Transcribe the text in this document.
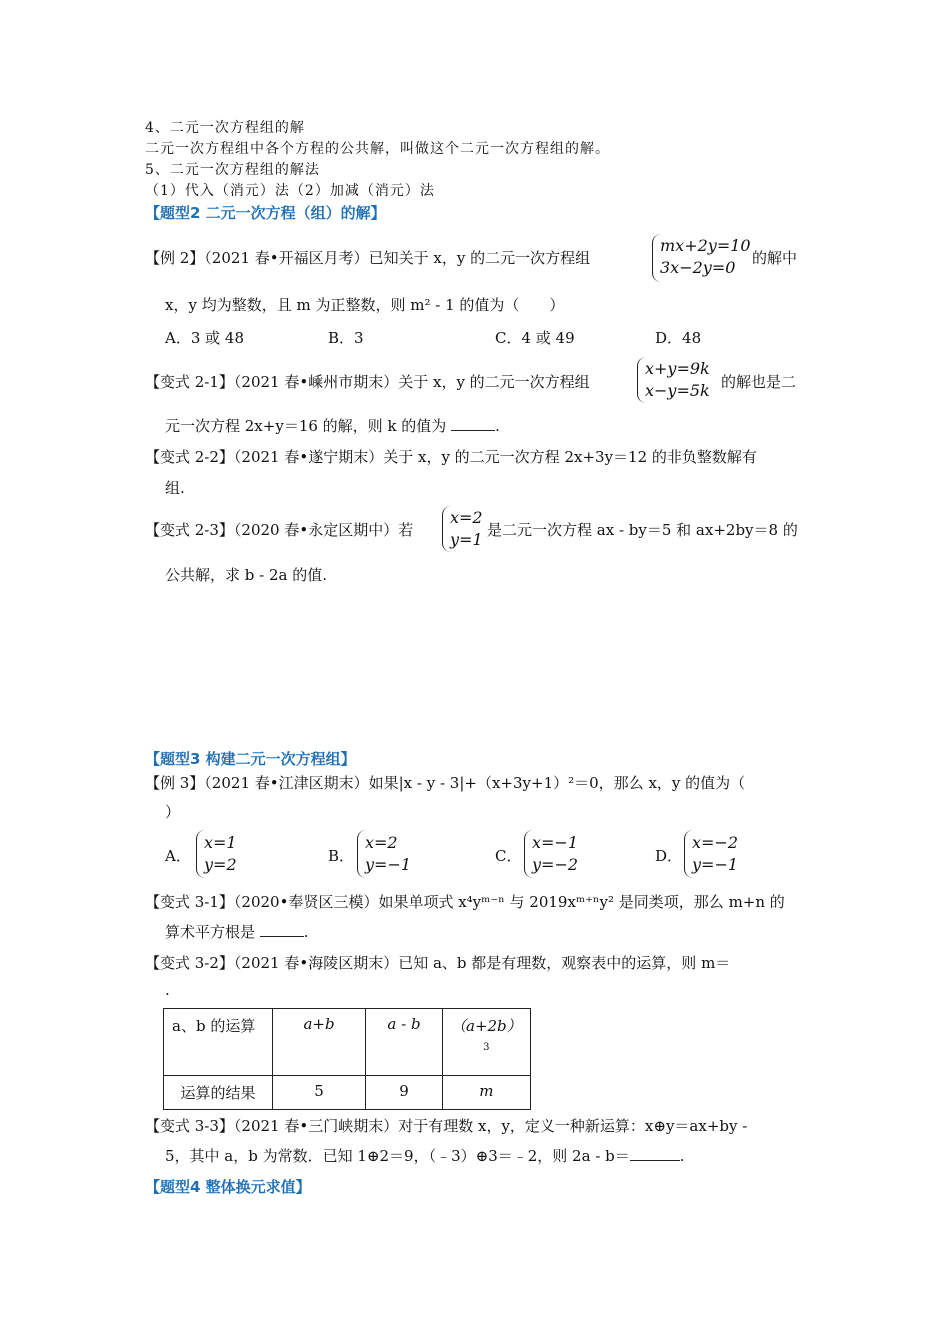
4、二元一次方程组的解
二元一次方程组中各个方程的公共解，叫做这个二元一次方程组的解。
5、二元一次方程组的解法
（1）代入（消元）法（2）加减（消元）法
【题型2 二元一次方程（组）的解】
【例 2】（2021 春•开福区月考）已知关于 x，y 的二元一次方程组
mx+2y=10
3x−2y=0	的解中
x，y 均为整数，且 m 为正整数，则 m² - 1 的值为（　　）
A．3 或 48	B．3	C．4 或 49	D．48
【变式 2-1】（2021 春•嵊州市期末）关于 x，y 的二元一次方程组
x+y=9k
x−y=5k 的解也是二
元一次方程 2x+y＝16 的解，则 k 的值为	.
【变式 2-2】（2021 春•遂宁期末）关于 x，y 的二元一次方程 2x+3y＝12 的非负整数解有
组.
【变式 2-3】（2020 春•永定区期中）若
x=2
y=1 是二元一次方程 ax - by＝5 和 ax+2by＝8 的
公共解，求 b - 2a 的值.
【题型3 构建二元一次方程组】
【例 3】（2021 春•江津区期末）如果|x - y - 3|+（x+3y+1）²＝0，那么 x，y 的值为（
）
A．
x=1
y=2	B．
x=2
y=−1	C．
x=−1
y=−2	D．
x=−2
y=−1
【变式 3-1】（2020•奉贤区三模）如果单项式 x⁴yᵐ⁻ⁿ 与 2019xᵐ⁺ⁿy² 是同类项，那么 m+n 的
算术平方根是	.
【变式 3-2】（2021 春•海陵区期末）已知 a、b 都是有理数，观察表中的运算，则 m＝
.
a、b 的运算	a+b	a - b	（a+2b）
3

运算的结果	5	9	m
【变式 3-3】（2021 春•三门峡期末）对于有理数 x，y，定义一种新运算：x⊕y＝ax+by -
5，其中 a，b 为常数．已知 1⊕2＝9，（﹣3）⊕3＝﹣2，则 2a - b＝	.
【题型4 整体换元求值】
